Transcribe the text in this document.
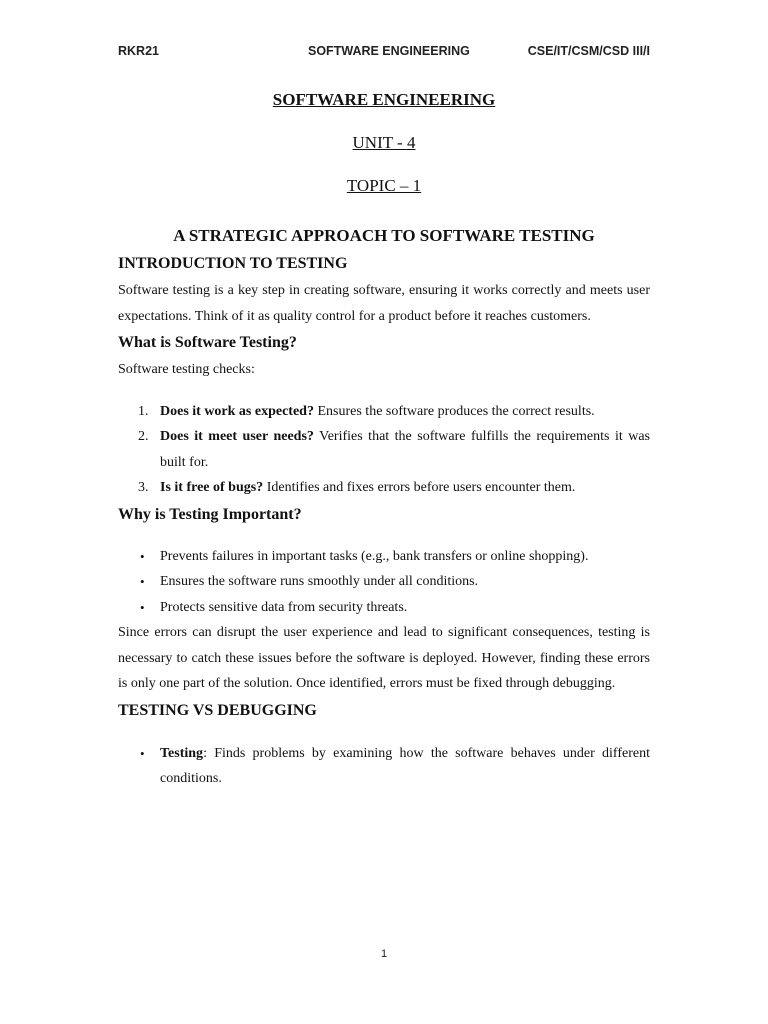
RKR21	SOFTWARE ENGINEERING	CSE/IT/CSM/CSD III/I
SOFTWARE ENGINEERING
UNIT - 4
TOPIC – 1
A STRATEGIC APPROACH TO SOFTWARE TESTING
INTRODUCTION TO TESTING

Software testing is a key step in creating software, ensuring it works correctly and meets user expectations. Think of it as quality control for a product before it reaches customers.

What is Software Testing?

Software testing checks:

1. Does it work as expected? Ensures the software produces the correct results.
2. Does it meet user needs? Verifies that the software fulfills the requirements it was built for.
3. Is it free of bugs? Identifies and fixes errors before users encounter them.
Why is Testing Important?
• Prevents failures in important tasks (e.g., bank transfers or online shopping).
• Ensures the software runs smoothly under all conditions.
• Protects sensitive data from security threats.

Since errors can disrupt the user experience and lead to significant consequences, testing is necessary to catch these issues before the software is deployed. However, finding these errors is only one part of the solution. Once identified, errors must be fixed through debugging.

TESTING VS DEBUGGING
• Testing: Finds problems by examining how the software behaves under different conditions.
1
